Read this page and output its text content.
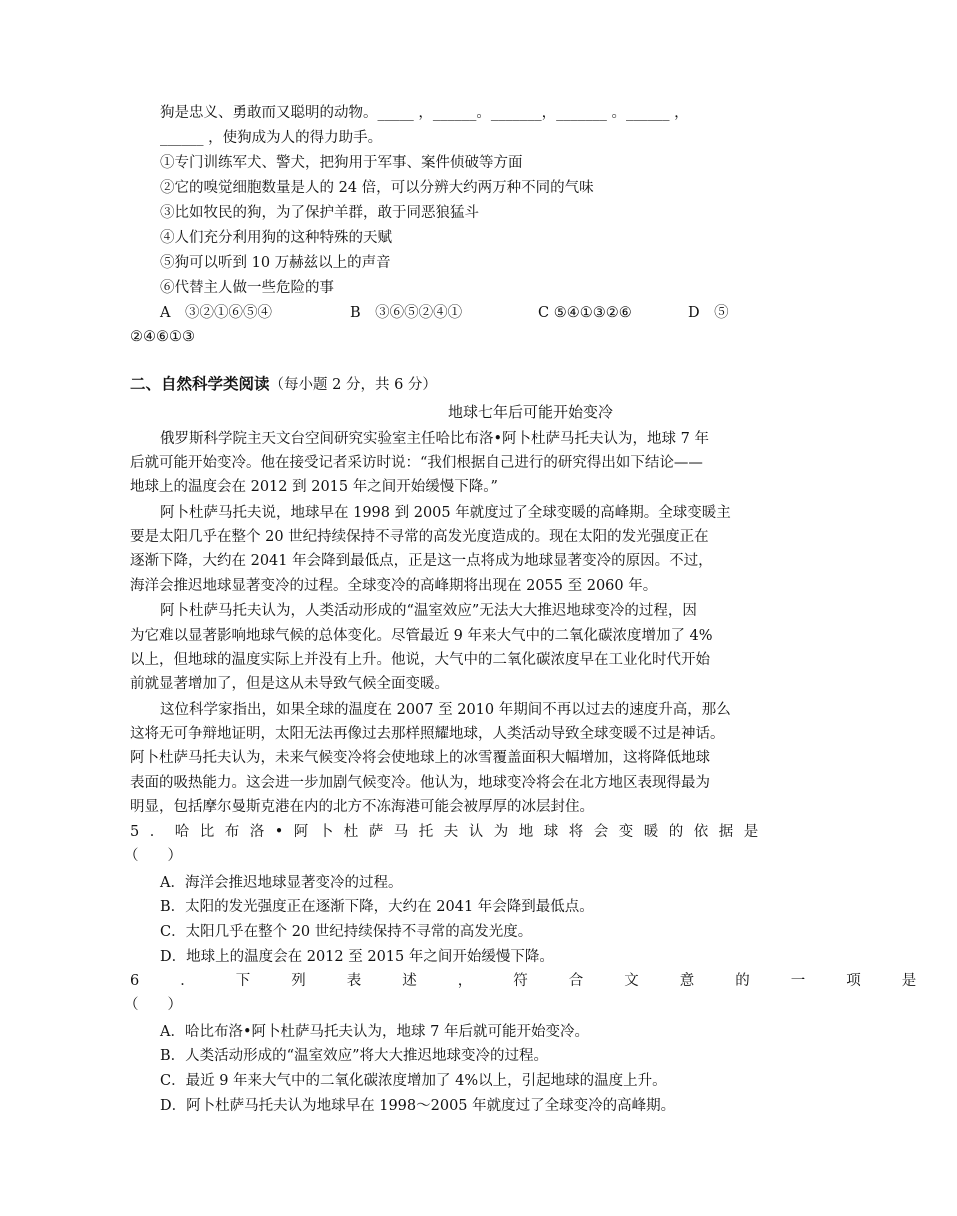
狗是忠义、勇敢而又聪明的动物。_____ ，______。_______，_______ 。______ ，
______ ，使狗成为人的得力助手。
①专门训练军犬、警犬，把狗用于军事、案件侦破等方面
②它的嗅觉细胞数量是人的 24 倍，可以分辨大约两万种不同的气味
③比如牧民的狗，为了保护羊群，敢于同恶狼猛斗
④人们充分利用狗的这种特殊的天赋
⑤狗可以听到 10 万赫兹以上的声音
⑥代替主人做一些危险的事
A　③②①⑥⑤④	B　③⑥⑤②④①	C ⑤④①③②⑥	D　⑤
②④⑥①③
二、自然科学类阅读（每小题 2 分，共 6 分）
地球七年后可能开始变冷
俄罗斯科学院主天文台空间研究实验室主任哈比布洛•阿卜杜萨马托夫认为，地球 7 年
后就可能开始变冷。他在接受记者采访时说：“我们根据自己进行的研究得出如下结论——
地球上的温度会在 2012 到 2015 年之间开始缓慢下降。”
阿卜杜萨马托夫说，地球早在 1998 到 2005 年就度过了全球变暖的高峰期。全球变暖主
要是太阳几乎在整个 20 世纪持续保持不寻常的高发光度造成的。现在太阳的发光强度正在
逐渐下降，大约在 2041 年会降到最低点，正是这一点将成为地球显著变冷的原因。不过，
海洋会推迟地球显著变冷的过程。全球变冷的高峰期将出现在 2055 至 2060 年。
阿卜杜萨马托夫认为，人类活动形成的“温室效应”无法大大推迟地球变冷的过程，因
为它难以显著影响地球气候的总体变化。尽管最近 9 年来大气中的二氧化碳浓度增加了 4%
以上，但地球的温度实际上并没有上升。他说，大气中的二氧化碳浓度早在工业化时代开始
前就显著增加了，但是这从未导致气候全面变暖。
这位科学家指出，如果全球的温度在 2007 至 2010 年期间不再以过去的速度升高，那么
这将无可争辩地证明，太阳无法再像过去那样照耀地球，人类活动导致全球变暖不过是神话。
阿卜杜萨马托夫认为，未来气候变冷将会使地球上的冰雪覆盖面积大幅增加，这将降低地球
表面的吸热能力。这会进一步加剧气候变冷。他认为，地球变冷将会在北方地区表现得最为
明显，包括摩尔曼斯克港在内的北方不冻海港可能会被厚厚的冰层封住。
5．哈比布洛•阿卜杜萨马托夫认为地球将会变暖的依据是
（　　）
A．海洋会推迟地球显著变冷的过程。
B．太阳的发光强度正在逐渐下降，大约在 2041 年会降到最低点。
C．太阳几乎在整个 20 世纪持续保持不寻常的高发光度。
D．地球上的温度会在 2012 至 2015 年之间开始缓慢下降。
6．下列表述，符合文意的一项是
（　　）
A．哈比布洛•阿卜杜萨马托夫认为，地球 7 年后就可能开始变冷。
B．人类活动形成的“温室效应”将大大推迟地球变冷的过程。
C．最近 9 年来大气中的二氧化碳浓度增加了 4%以上，引起地球的温度上升。
D．阿卜杜萨马托夫认为地球早在 1998～2005 年就度过了全球变冷的高峰期。
